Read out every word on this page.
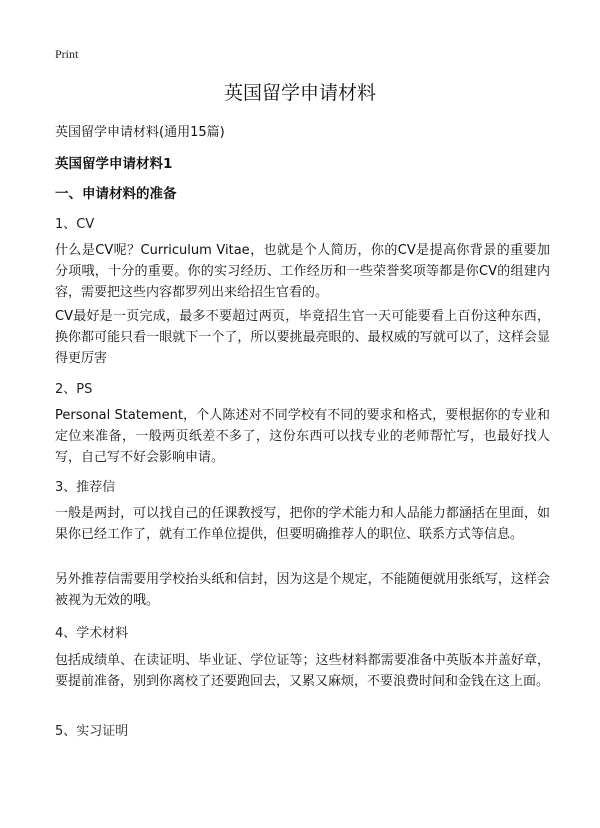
Print
英国留学申请材料
英国留学申请材料(通用15篇)
英国留学申请材料1
一、申请材料的准备
1、CV
什么是CV呢？Curriculum Vitae，也就是个人简历，你的CV是提高你背景的重要加分项哦，十分的重要。你的实习经历、工作经历和一些荣誉奖项等都是你CV的组建内容，需要把这些内容都罗列出来给招生官看的。
CV最好是一页完成，最多不要超过两页，毕竟招生官一天可能要看上百份这种东西，换你都可能只看一眼就下一个了，所以要挑最亮眼的、最权威的写就可以了，这样会显得更厉害
2、PS
Personal Statement，个人陈述对不同学校有不同的要求和格式，要根据你的专业和定位来准备，一般两页纸差不多了，这份东西可以找专业的老师帮忙写，也最好找人写，自己写不好会影响申请。
3、推荐信
一般是两封，可以找自己的任课教授写，把你的学术能力和人品能力都涵括在里面，如果你已经工作了，就有工作单位提供，但要明确推荐人的职位、联系方式等信息。
另外推荐信需要用学校抬头纸和信封，因为这是个规定，不能随便就用张纸写，这样会被视为无效的哦。
4、学术材料
包括成绩单、在读证明、毕业证、学位证等；这些材料都需要准备中英版本并盖好章，要提前准备，别到你离校了还要跑回去，又累又麻烦，不要浪费时间和金钱在这上面。
5、实习证明
